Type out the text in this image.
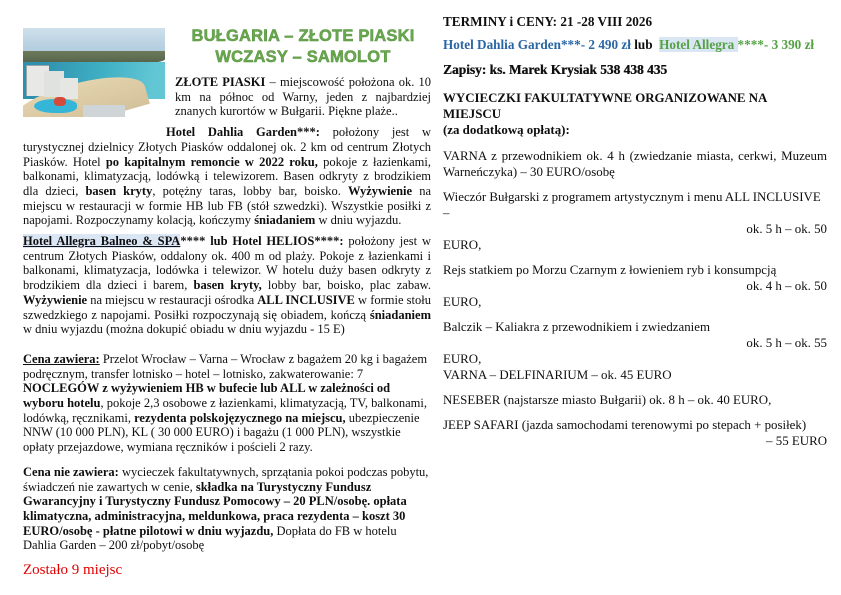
BUŁGARIA – ZŁOTE PIASKI
WCZASY – SAMOLOT

ZŁOTE PIASKI – miejscowość położona ok. 10 km na północ od Warny, jeden z najbardziej znanych kurortów w Bułgarii. Piękne plaże..

Hotel Dahlia Garden***: położony jest w turystycznej dzielnicy Złotych Piasków oddalonej ok. 2 km od centrum Złotych Piasków. Hotel po kapitalnym remoncie w 2022 roku, pokoje z łazienkami, balkonami, klimatyzacją, lodówką i telewizorem. Basen odkryty z brodzikiem dla dzieci, basen kryty, potężny taras, lobby bar, boisko. Wyżywienie na miejscu w restauracji w formie HB lub FB (stół szwedzki). Wszystkie posiłki z napojami. Rozpoczynamy kolacją, kończymy śniadaniem w dniu wyjazdu.

Hotel Allegra Balneo & SPA**** lub Hotel HELIOS****: położony jest w centrum Złotych Piasków, oddalony ok. 400 m od plaży. Pokoje z łazienkami i balkonami, klimatyzacja, lodówka i telewizor. W hotelu duży basen odkryty z brodzikiem dla dzieci i barem, basen kryty, lobby bar, boisko, plac zabaw. Wyżywienie na miejscu w restauracji ośrodka ALL INCLUSIVE w formie stołu szwedzkiego z napojami. Posiłki rozpoczynają się obiadem, kończą śniadaniem w dniu wyjazdu (można dokupić obiadu w dniu wyjazdu - 15 E)

Cena zawiera: Przelot Wrocław – Varna – Wrocław z bagażem 20 kg i bagażem podręcznym, transfer lotnisko – hotel – lotnisko, zakwaterowanie: 7 NOCLEGÓW z wyżywieniem HB w bufecie lub ALL w zależności od wyboru hotelu, pokoje 2,3 osobowe z łazienkami, klimatyzacją, TV, balkonami, lodówką, ręcznikami, rezydenta polskojęzycznego na miejscu, ubezpieczenie NNW (10 000 PLN), KL ( 30 000 EURO) i bagażu (1 000 PLN), wszystkie opłaty przejazdowe, wymiana ręczników i pościeli 2 razy.

Cena nie zawiera: wycieczek fakultatywnych, sprzątania pokoi podczas pobytu, świadczeń nie zawartych w cenie, składka na Turystyczny Fundusz Gwarancyjny i Turystyczny Fundusz Pomocowy – 20 PLN/osobę. opłata klimatyczna, administracyjna, meldunkowa, praca rezydenta – koszt 30 EURO/osobę - płatne pilotowi w dniu wyjazdu, Dopłata do FB w hotelu Dahlia Garden – 200 zł/pobyt/osobę

Zostało 9 miejsc
TERMINY i CENY: 21 -28 VIII 2026
Hotel Dahlia Garden***- 2 490 zł lub Hotel Allegra ****- 3 390 zł
Zapisy: ks. Marek Krysiak 538 438 435
WYCIECZKI FAKULTATYWNE ORGANIZOWANE NA MIEJSCU
(za dodatkową opłatą):
VARNA z przewodnikiem ok. 4 h (zwiedzanie miasta, cerkwi, Muzeum Warneńczyka) – 30 EURO/osobę
Wieczór Bułgarski z programem artystycznym i menu ALL INCLUSIVE –
ok. 5 h – ok. 50
EURO,
Rejs statkiem po Morzu Czarnym z łowieniem ryb i konsumpcją
ok. 4 h – ok. 50
EURO,
Balczik – Kaliakra z przewodnikiem i zwiedzaniem
ok. 5 h – ok. 55
EURO,
VARNA – DELFINARIUM – ok. 45 EURO
NESEBER (najstarsze miasto Bułgarii) ok. 8 h – ok. 40 EURO,
JEEP SAFARI (jazda samochodami terenowymi po stepach + posiłek)
– 55 EURO
